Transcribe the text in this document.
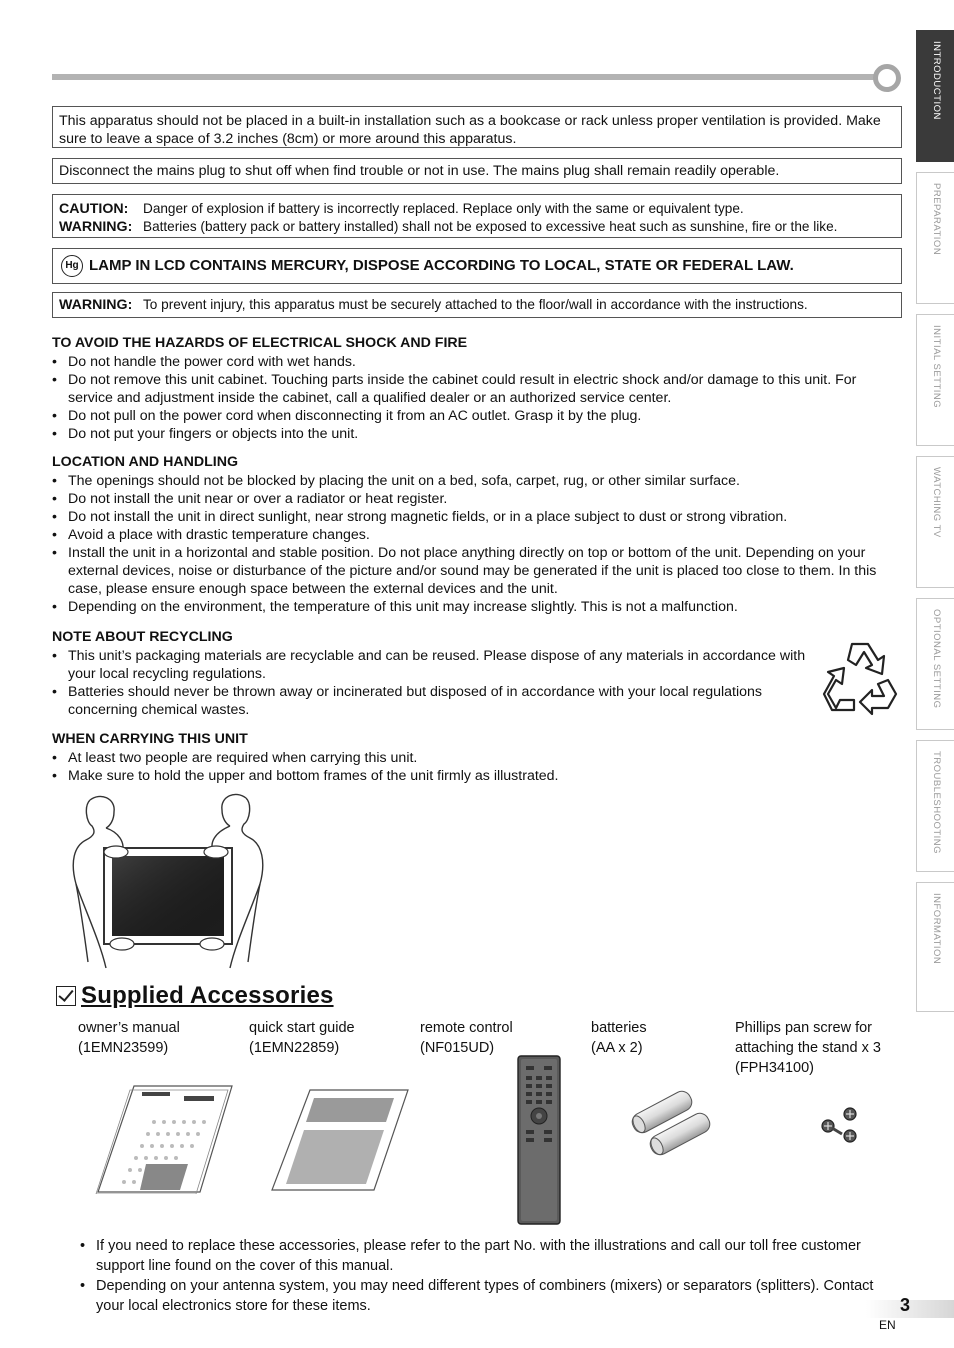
INTRODUCTION
PREPARATION
INITIAL SETTING
WATCHING TV
OPTIONAL SETTING
TROUBLESHOOTING
INFORMATION
This apparatus should not be placed in a built-in installation such as a bookcase or rack unless proper ventilation is provided. Make sure to leave a space of 3.2 inches (8cm) or more around this apparatus.
Disconnect the mains plug to shut off when find trouble or not in use. The mains plug shall remain readily operable.
CAUTION:	Danger of explosion if battery is incorrectly replaced. Replace only with the same or equivalent type.
WARNING: Batteries (battery pack or battery installed) shall not be exposed to excessive heat such as sunshine, fire or the like.
Hg LAMP IN LCD CONTAINS MERCURY, DISPOSE ACCORDING TO LOCAL, STATE OR FEDERAL LAW.
WARNING: To prevent injury, this apparatus must be securely attached to the floor/wall in accordance with the instructions.
TO AVOID THE HAZARDS OF ELECTRICAL SHOCK AND FIRE
• Do not handle the power cord with wet hands.
• Do not remove this unit cabinet. Touching parts inside the cabinet could result in electric shock and/or damage to this unit. For service and adjustment inside the cabinet, call a qualified dealer or an authorized service center.
• Do not pull on the power cord when disconnecting it from an AC outlet. Grasp it by the plug.
• Do not put your fingers or objects into the unit.
LOCATION AND HANDLING
• The openings should not be blocked by placing the unit on a bed, sofa, carpet, rug, or other similar surface.
• Do not install the unit near or over a radiator or heat register.
• Do not install the unit in direct sunlight, near strong magnetic fields, or in a place subject to dust or strong vibration.
• Avoid a place with drastic temperature changes.
• Install the unit in a horizontal and stable position. Do not place anything directly on top or bottom of the unit. Depending on your external devices, noise or disturbance of the picture and/or sound may be generated if the unit is placed too close to them. In this case, please ensure enough space between the external devices and the unit.
• Depending on the environment, the temperature of this unit may increase slightly. This is not a malfunction.
NOTE ABOUT RECYCLING
• This unit’s packaging materials are recyclable and can be reused. Please dispose of any materials in accordance with your local recycling regulations.
• Batteries should never be thrown away or incinerated but disposed of in accordance with your local regulations concerning chemical wastes.
WHEN CARRYING THIS UNIT
• At least two people are required when carrying this unit.
• Make sure to hold the upper and bottom frames of the unit firmly as illustrated.
Supplied Accessories
owner’s manual
(1EMN23599)
quick start guide
(1EMN22859)
remote control
(NF015UD)
batteries
(AA x 2)
Phillips pan screw for
attaching the stand x 3
(FPH34100)
• If you need to replace these accessories, please refer to the part No. with the illustrations and call our toll free customer support line found on the cover of this manual.
• Depending on your antenna system, you may need different types of combiners (mixers) or separators (splitters). Contact your local electronics store for these items.	3
EN
